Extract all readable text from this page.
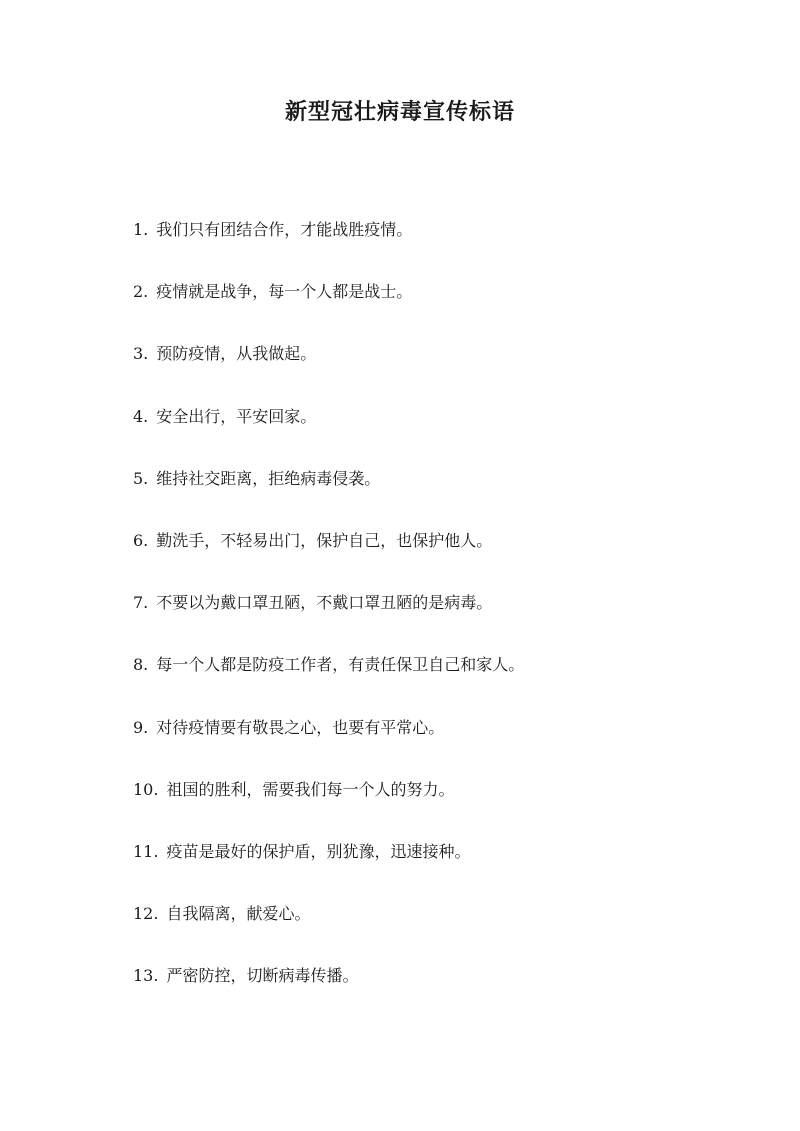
新型冠壮病毒宣传标语
1. 我们只有团结合作，才能战胜疫情。
2. 疫情就是战争，每一个人都是战士。
3. 预防疫情，从我做起。
4. 安全出行，平安回家。
5. 维持社交距离，拒绝病毒侵袭。
6. 勤洗手，不轻易出门，保护自己，也保护他人。
7. 不要以为戴口罩丑陋，不戴口罩丑陋的是病毒。
8. 每一个人都是防疫工作者，有责任保卫自己和家人。
9. 对待疫情要有敬畏之心，也要有平常心。
10. 祖国的胜利，需要我们每一个人的努力。
11. 疫苗是最好的保护盾，别犹豫，迅速接种。
12. 自我隔离，献爱心。
13. 严密防控，切断病毒传播。
